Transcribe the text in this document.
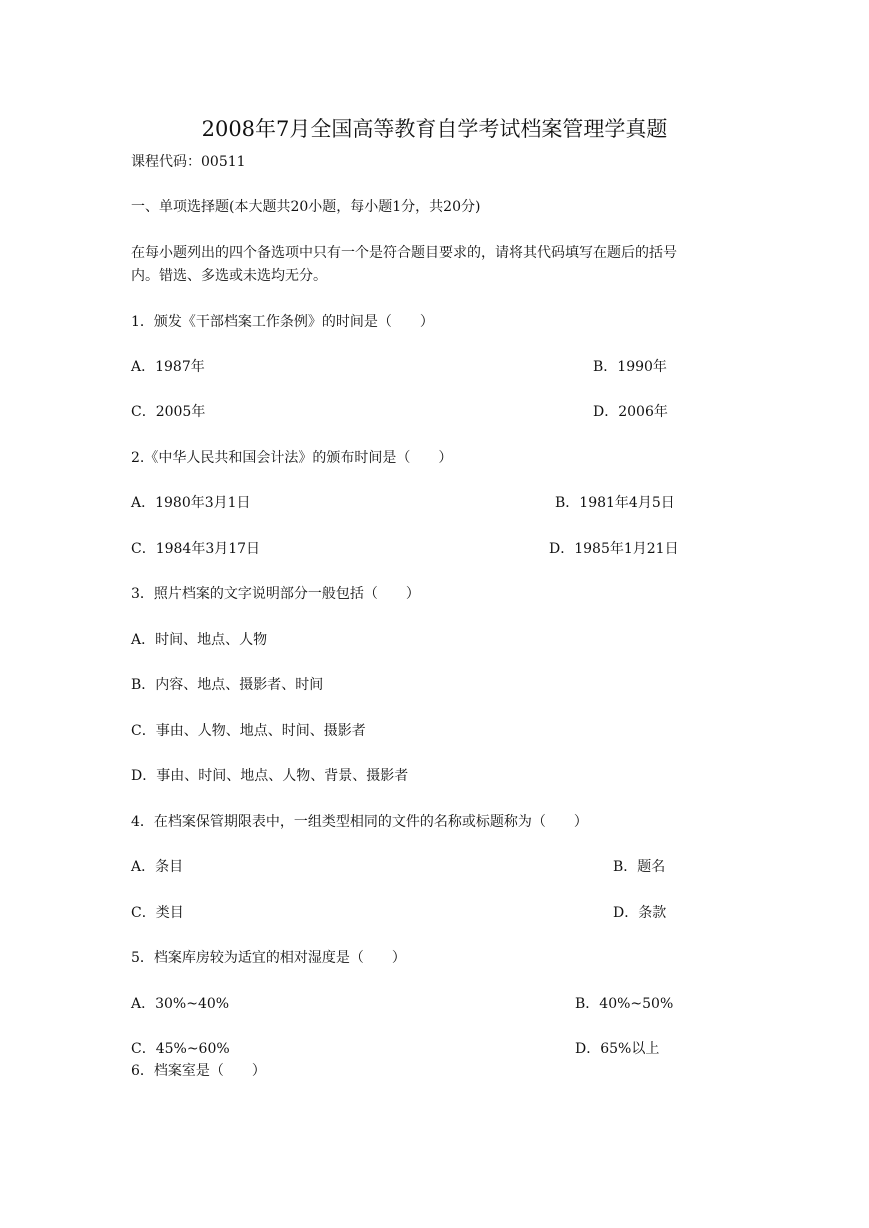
2008年7月全国高等教育自学考试档案管理学真题
课程代码：00511
一、单项选择题(本大题共20小题，每小题1分，共20分)
在每小题列出的四个备选项中只有一个是符合题目要求的，请将其代码填写在题后的括号
内。错选、多选或未选均无分。
1．颁发《干部档案工作条例》的时间是（　　）
A．1987年	B．1990年
C．2005年	D．2006年
2.《中华人民共和国会计法》的颁布时间是（　　）
A．1980年3月1日	B．1981年4月5日
C．1984年3月17日	D．1985年1月21日
3．照片档案的文字说明部分一般包括（　　）
A．时间、地点、人物
B．内容、地点、摄影者、时间
C．事由、人物、地点、时间、摄影者
D．事由、时间、地点、人物、背景、摄影者
4．在档案保管期限表中，一组类型相同的文件的名称或标题称为（　　）
A．条目	B．题名
C．类目	D．条款
5．档案库房较为适宜的相对湿度是（　　）
A．30%~40%	B．40%~50%
C．45%~60%	D．65%以上
6．档案室是（　　）
